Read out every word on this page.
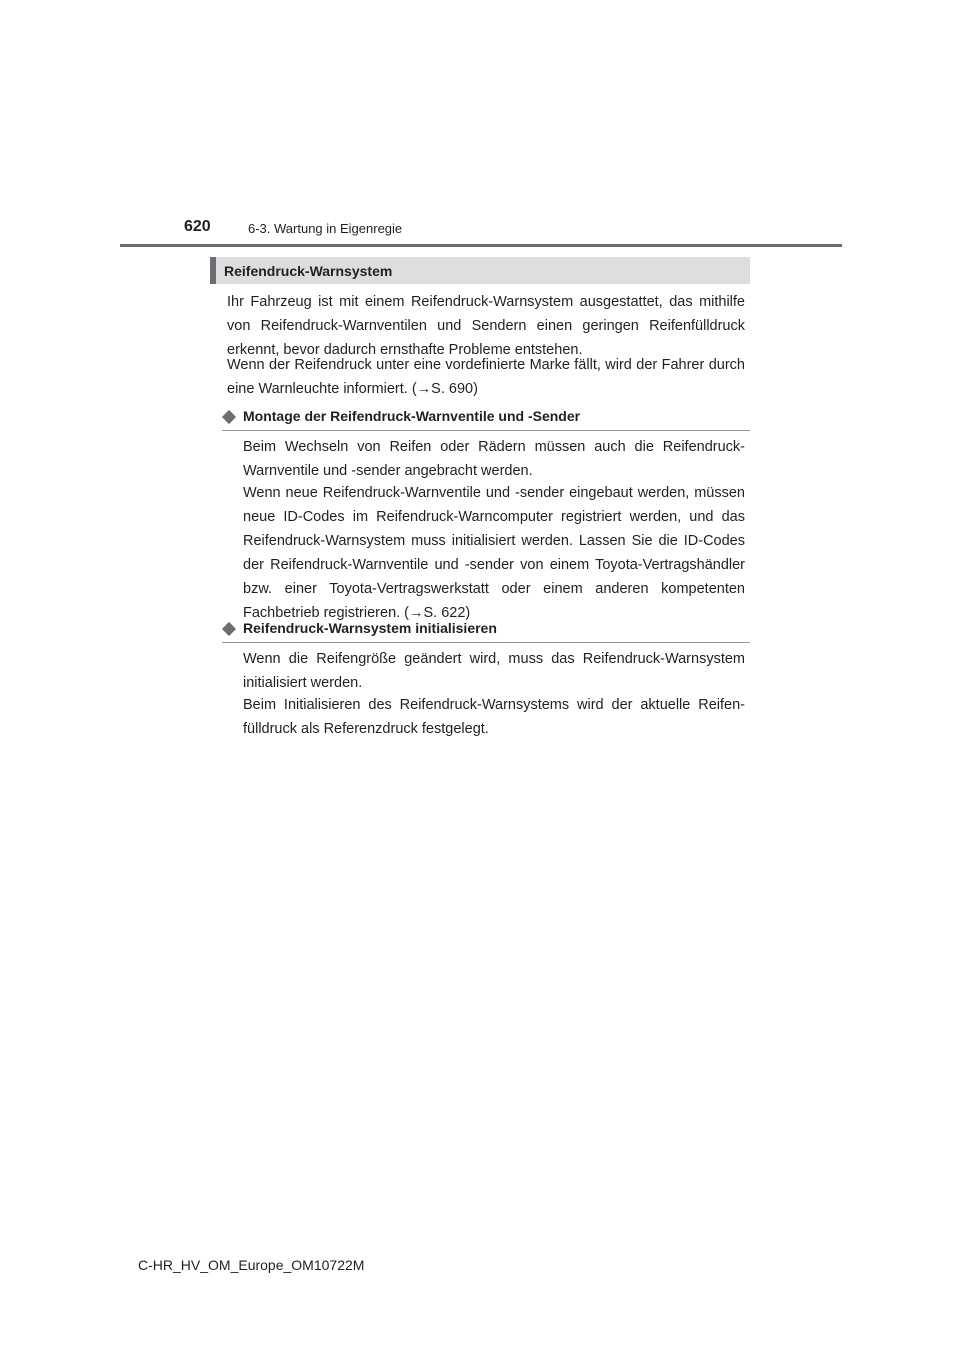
620	6-3. Wartung in Eigenregie
Reifendruck-Warnsystem

Ihr Fahrzeug ist mit einem Reifendruck-Warnsystem ausgestattet, das mithilfe von Reifendruck-Warnventilen und Sendern einen geringen Reifenfülldruck erkennt, bevor dadurch ernsthafte Probleme entstehen.

Wenn der Reifendruck unter eine vordefinierte Marke fällt, wird der Fahrer durch eine Warnleuchte informiert. (→S. 690)

Montage der Reifendruck-Warnventile und -Sender

Beim Wechseln von Reifen oder Rädern müssen auch die Reifendruck-Warnventile und -sender angebracht werden.

Wenn neue Reifendruck-Warnventile und -sender eingebaut werden, müssen neue ID-Codes im Reifendruck-Warncomputer registriert werden, und das Reifendruck-Warnsystem muss initialisiert werden. Lassen Sie die ID-Codes der Reifendruck-Warnventile und -sender von einem Toyota-Vertragshändler bzw. einer Toyota-Vertragswerkstatt oder einem anderen kompetenten Fachbetrieb registrieren. (→S. 622)

Reifendruck-Warnsystem initialisieren

Wenn die Reifengröße geändert wird, muss das Reifendruck-Warnsystem initialisiert werden.

Beim Initialisieren des Reifendruck-Warnsystems wird der aktuelle Reifenfülldruck als Referenzdruck festgelegt.

C-HR_HV_OM_Europe_OM10722M
